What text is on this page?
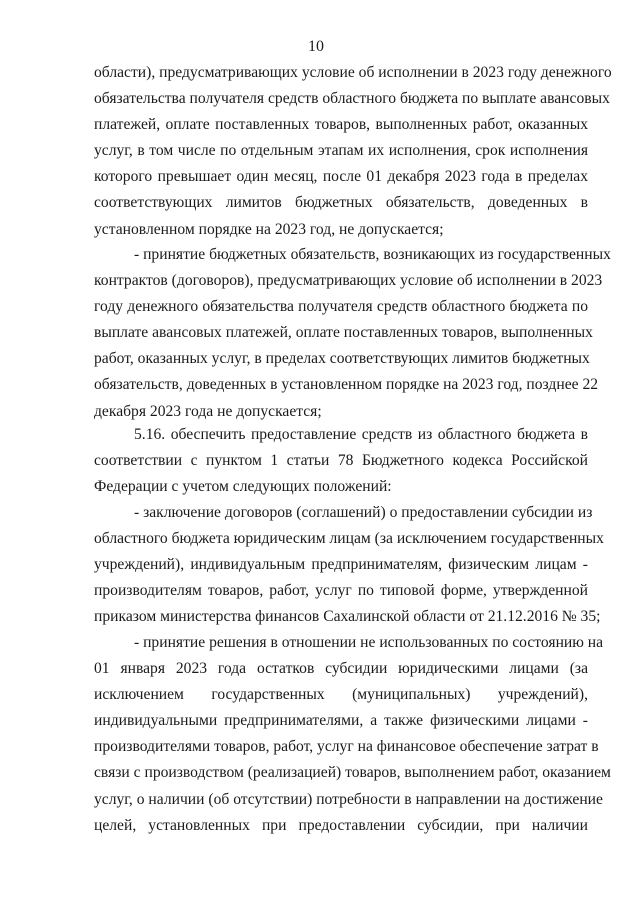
10
области), предусматривающих условие об исполнении в 2023 году денежного
обязательства получателя средств областного бюджета по выплате авансовых
платежей, оплате поставленных товаров, выполненных работ, оказанных
услуг, в том числе по отдельным этапам их исполнения, срок исполнения
которого превышает один месяц, после 01 декабря 2023 года в пределах
соответствующих лимитов бюджетных обязательств, доведенных в
установленном порядке на 2023 год, не допускается;
- принятие бюджетных обязательств, возникающих из государственных
контрактов (договоров), предусматривающих условие об исполнении в 2023
году денежного обязательства получателя средств областного бюджета по
выплате авансовых платежей, оплате поставленных товаров, выполненных
работ, оказанных услуг, в пределах соответствующих лимитов бюджетных
обязательств, доведенных в установленном порядке на 2023 год, позднее 22
декабря 2023 года не допускается;
5.16. обеспечить предоставление средств из областного бюджета в
соответствии с пунктом 1 статьи 78 Бюджетного кодекса Российской
Федерации с учетом следующих положений:
- заключение договоров (соглашений) о предоставлении субсидии из
областного бюджета юридическим лицам (за исключением государственных
учреждений), индивидуальным предпринимателям, физическим лицам -
производителям товаров, работ, услуг по типовой форме, утвержденной
приказом министерства финансов Сахалинской области от 21.12.2016 № 35;
- принятие решения в отношении не использованных по состоянию на
01 января 2023 года остатков субсидии юридическими лицами (за
исключением государственных (муниципальных) учреждений),
индивидуальными предпринимателями, а также физическими лицами -
производителями товаров, работ, услуг на финансовое обеспечение затрат в
связи с производством (реализацией) товаров, выполнением работ, оказанием
услуг, о наличии (об отсутствии) потребности в направлении на достижение
целей, установленных при предоставлении субсидии, при наличии
